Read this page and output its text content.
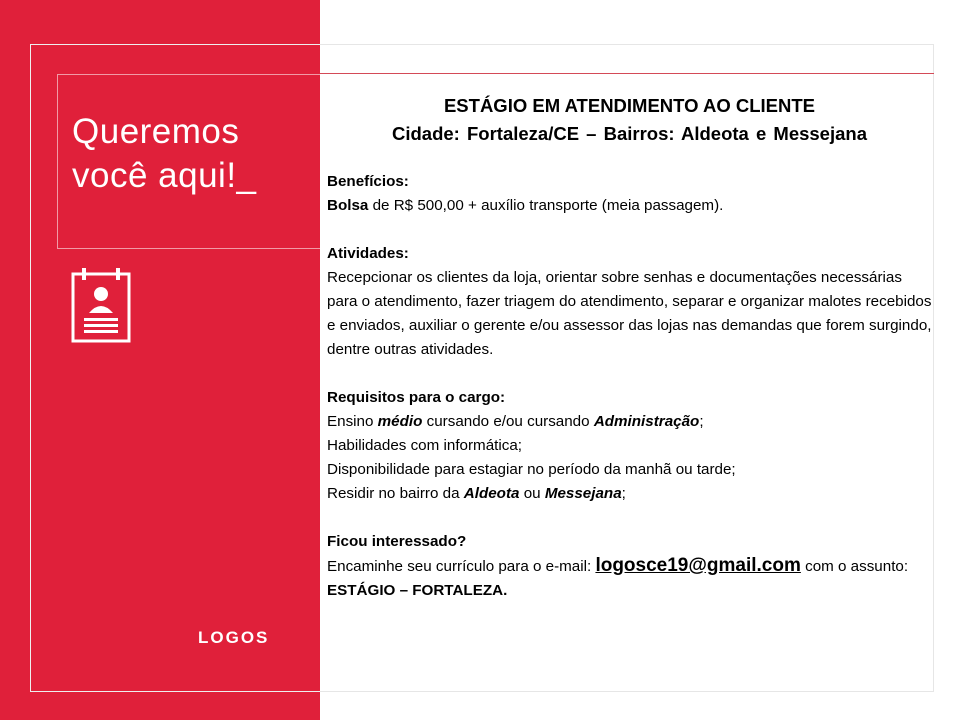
Queremos
você aqui!_
LOGOS

ESTÁGIO EM ATENDIMENTO AO CLIENTE

Cidade: Fortaleza/CE – Bairros: Aldeota e Messejana

Benefícios:

Bolsa de R$ 500,00 + auxílio transporte (meia passagem).

Atividades:

Recepcionar os clientes da loja, orientar sobre senhas e documentações necessárias para o atendimento, fazer triagem do atendimento, separar e organizar malotes recebidos e enviados, auxiliar o gerente e/ou assessor das lojas nas demandas que forem surgindo, dentre outras atividades.

Requisitos para o cargo:

Ensino médio cursando e/ou cursando Administração;

Habilidades com informática;

Disponibilidade para estagiar no período da manhã ou tarde;

Residir no bairro da Aldeota ou Messejana;

Ficou interessado?

Encaminhe seu currículo para o e-mail: logosce19@gmail.com com o assunto: ESTÁGIO – FORTALEZA.
